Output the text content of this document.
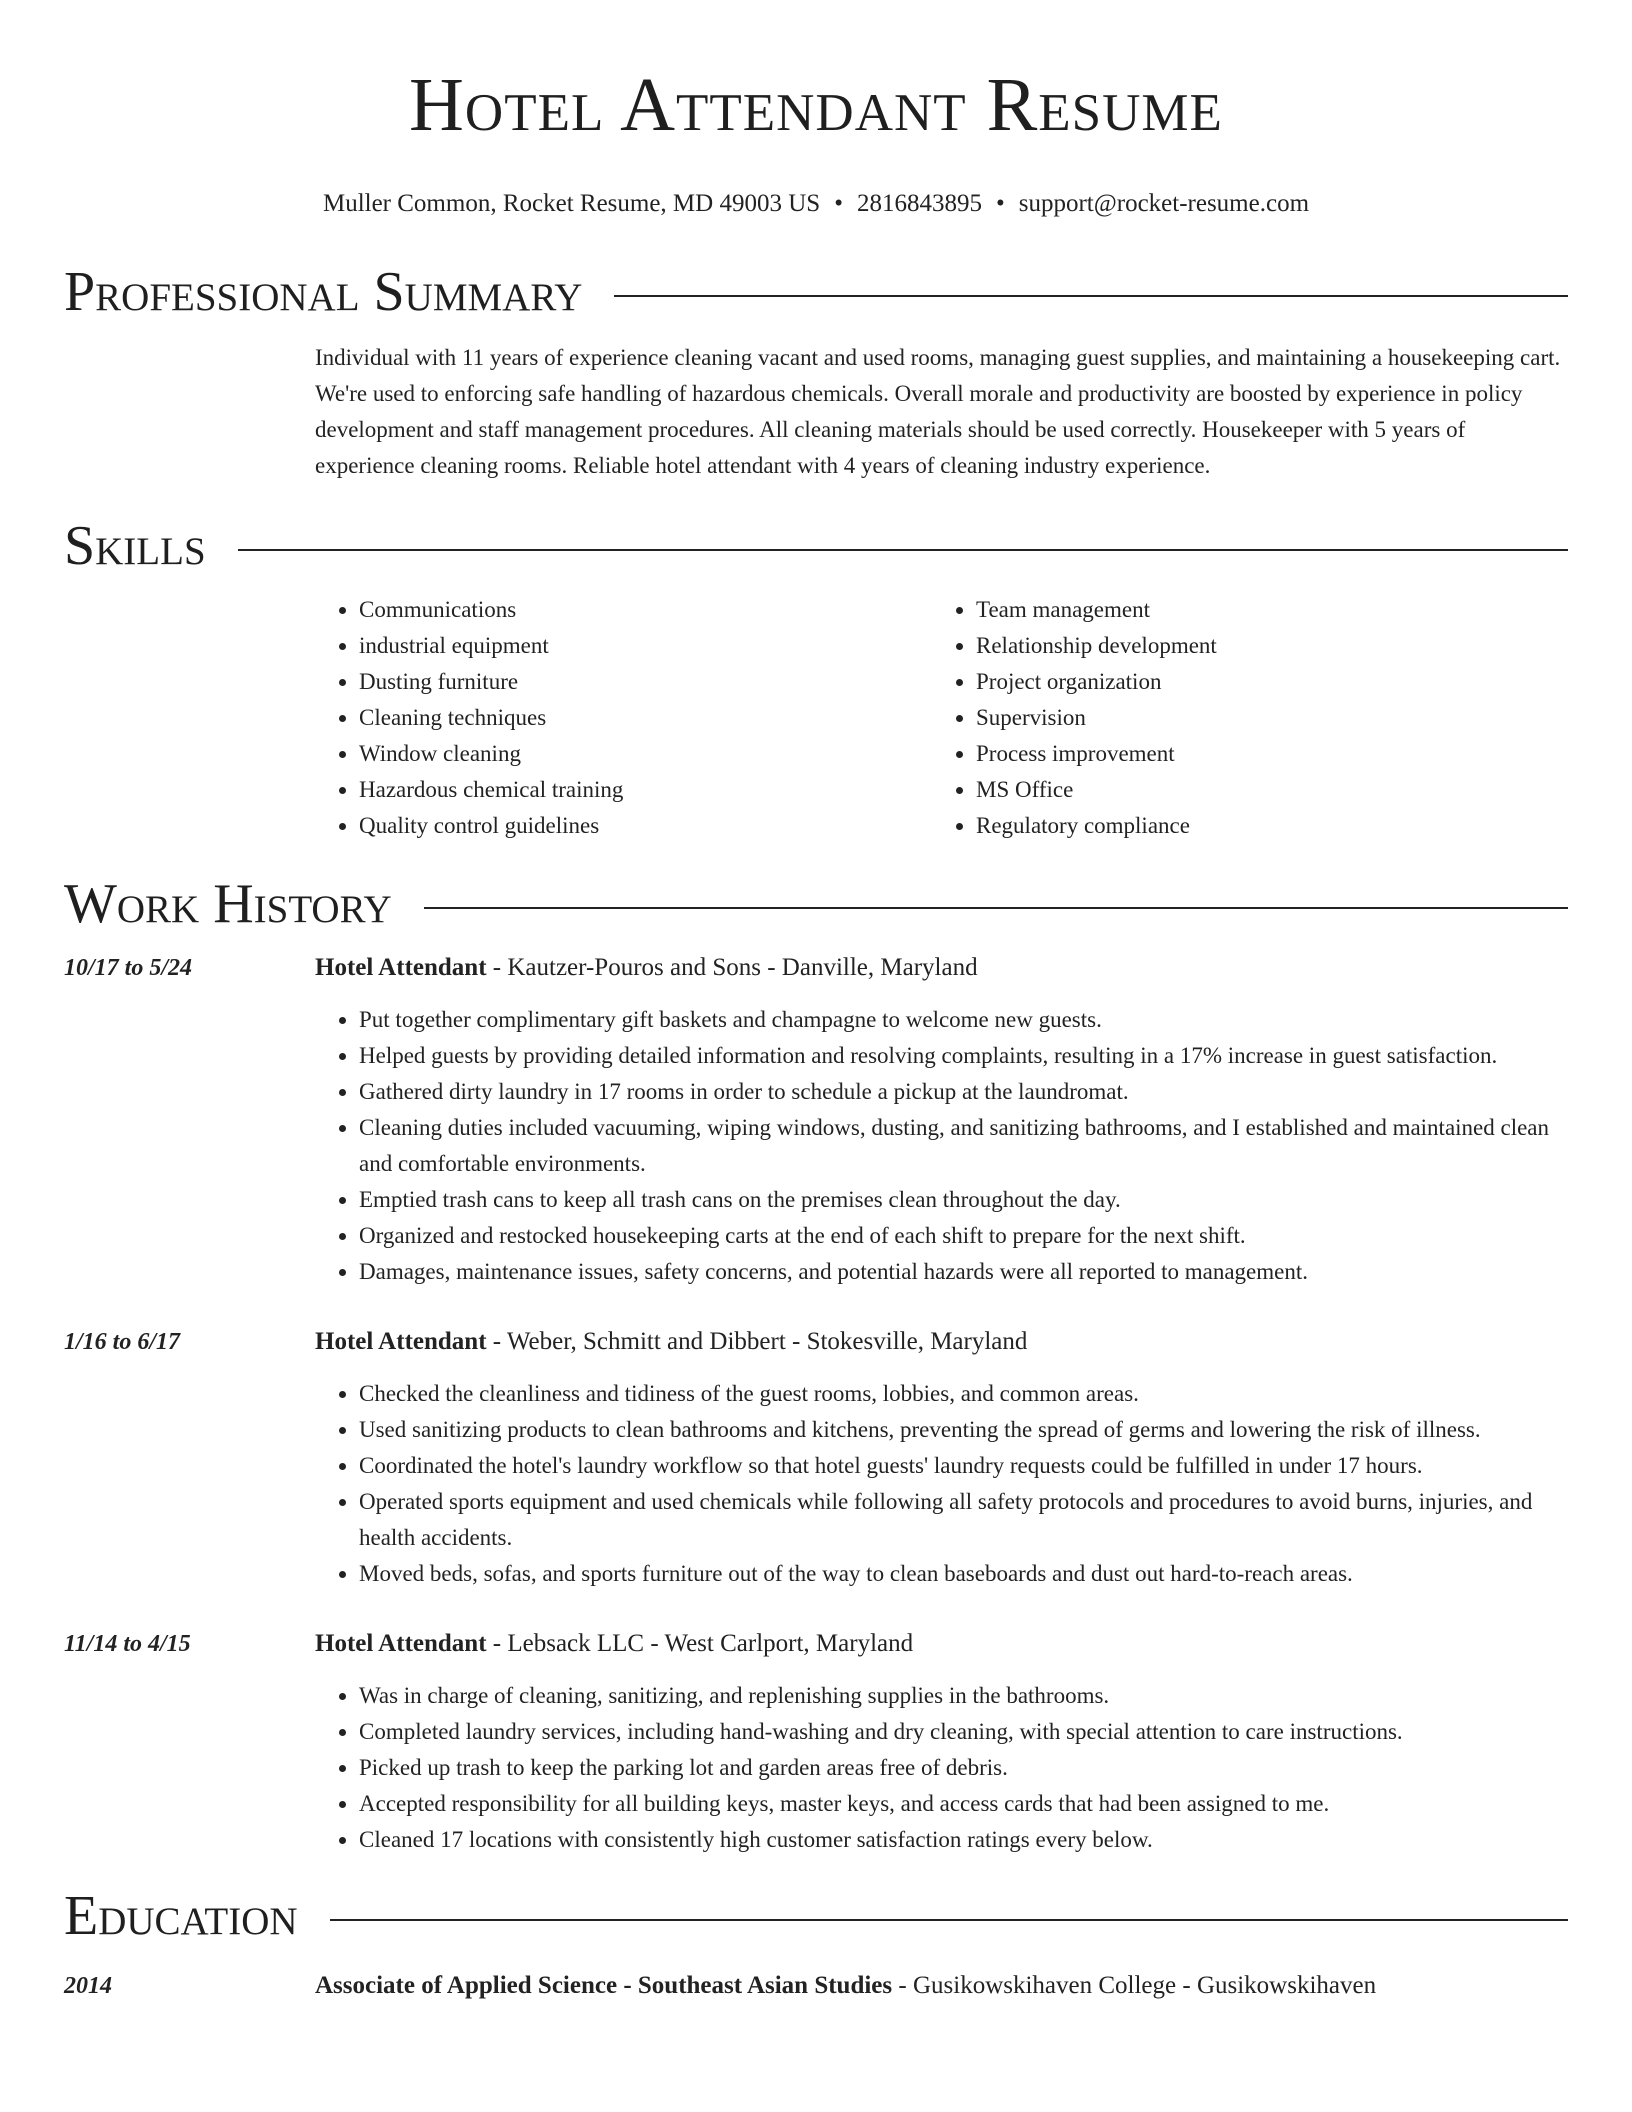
Hotel Attendant Resume
Muller Common, Rocket Resume, MD 49003 US • 2816843895 • support@rocket-resume.com
Professional Summary

Individual with 11 years of experience cleaning vacant and used rooms, managing guest supplies, and maintaining a housekeeping cart. We're used to enforcing safe handling of hazardous chemicals. Overall morale and productivity are boosted by experience in policy development and staff management procedures. All cleaning materials should be used correctly. Housekeeper with 5 years of experience cleaning rooms. Reliable hotel attendant with 4 years of cleaning industry experience.

Skills
• Communications
• industrial equipment
• Dusting furniture
• Cleaning techniques
• Window cleaning
• Hazardous chemical training
• Quality control guidelines
• Team management
• Relationship development
• Project organization
• Supervision
• Process improvement
• MS Office
• Regulatory compliance
Work History
10/17 to 5/24	Hotel Attendant - Kautzer-Pouros and Sons - Danville, Maryland
• Put together complimentary gift baskets and champagne to welcome new guests.
• Helped guests by providing detailed information and resolving complaints, resulting in a 17% increase in guest satisfaction.
• Gathered dirty laundry in 17 rooms in order to schedule a pickup at the laundromat.
• Cleaning duties included vacuuming, wiping windows, dusting, and sanitizing bathrooms, and I established and maintained clean and comfortable environments.
• Emptied trash cans to keep all trash cans on the premises clean throughout the day.
• Organized and restocked housekeeping carts at the end of each shift to prepare for the next shift.
• Damages, maintenance issues, safety concerns, and potential hazards were all reported to management.
1/16 to 6/17	Hotel Attendant - Weber, Schmitt and Dibbert - Stokesville, Maryland
• Checked the cleanliness and tidiness of the guest rooms, lobbies, and common areas.
• Used sanitizing products to clean bathrooms and kitchens, preventing the spread of germs and lowering the risk of illness.
• Coordinated the hotel's laundry workflow so that hotel guests' laundry requests could be fulfilled in under 17 hours.
• Operated sports equipment and used chemicals while following all safety protocols and procedures to avoid burns, injuries, and health accidents.
• Moved beds, sofas, and sports furniture out of the way to clean baseboards and dust out hard-to-reach areas.
11/14 to 4/15	Hotel Attendant - Lebsack LLC - West Carlport, Maryland
• Was in charge of cleaning, sanitizing, and replenishing supplies in the bathrooms.
• Completed laundry services, including hand-washing and dry cleaning, with special attention to care instructions.
• Picked up trash to keep the parking lot and garden areas free of debris.
• Accepted responsibility for all building keys, master keys, and access cards that had been assigned to me.
• Cleaned 17 locations with consistently high customer satisfaction ratings every below.
Education
2014	Associate of Applied Science - Southeast Asian Studies - Gusikowskihaven College - Gusikowskihaven
